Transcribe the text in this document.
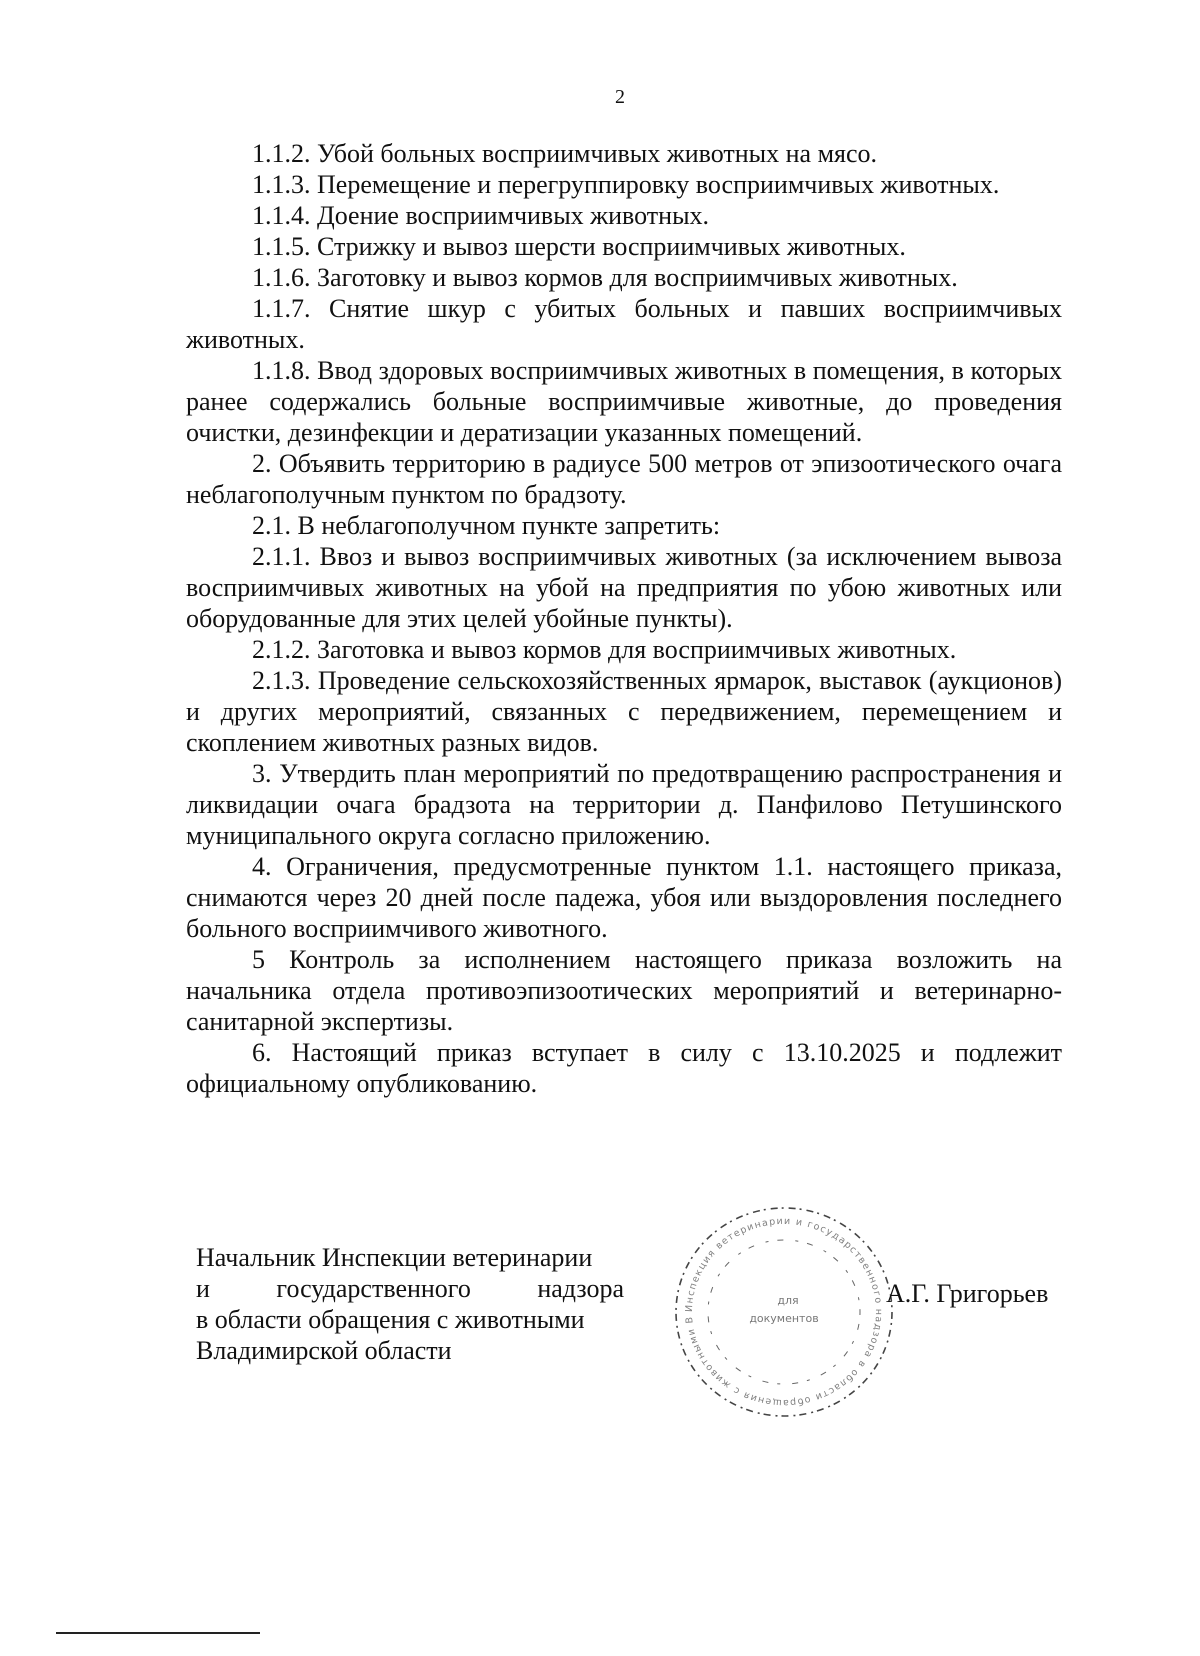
2

1.1.2. Убой больных восприимчивых животных на мясо.

1.1.3. Перемещение и перегруппировку восприимчивых животных.

1.1.4. Доение восприимчивых животных.

1.1.5. Стрижку и вывоз шерсти восприимчивых животных.

1.1.6. Заготовку и вывоз кормов для восприимчивых животных.

1.1.7. Снятие шкур с убитых больных и павших восприимчивых животных.

1.1.8. Ввод здоровых восприимчивых животных в помещения, в которых ранее содержались больные восприимчивые животные, до проведения очистки, дезинфекции и дератизации указанных помещений.

2. Объявить территорию в радиусе 500 метров от эпизоотического очага неблагополучным пунктом по брадзоту.

2.1. В неблагополучном пункте запретить:

2.1.1. Ввоз и вывоз восприимчивых животных (за исключением вывоза восприимчивых животных на убой на предприятия по убою животных или оборудованные для этих целей убойные пункты).

2.1.2. Заготовка и вывоз кормов для восприимчивых животных.

2.1.3. Проведение сельскохозяйственных ярмарок, выставок (аукционов) и других мероприятий, связанных с передвижением, перемещением и скоплением животных разных видов.

3. Утвердить план мероприятий по предотвращению распространения и ликвидации очага брадзота на территории д. Панфилово Петушинского муниципального округа согласно приложению.

4. Ограничения, предусмотренные пунктом 1.1. настоящего приказа, снимаются через 20 дней после падежа, убоя или выздоровления последнего больного восприимчивого животного.

5 Контроль за исполнением настоящего приказа возложить на начальника отдела противоэпизоотических мероприятий и ветеринарно-санитарной экспертизы.

6. Настоящий приказ вступает в силу с 13.10.2025 и подлежит официальному опубликованию.

Начальник Инспекции ветеринарии
и государственного надзора
в области обращения с животными
Владимирской области
Инспекция ветеринарии и государственного надзора в области обращения с животными В
для
документов
А.Г. Григорьев
